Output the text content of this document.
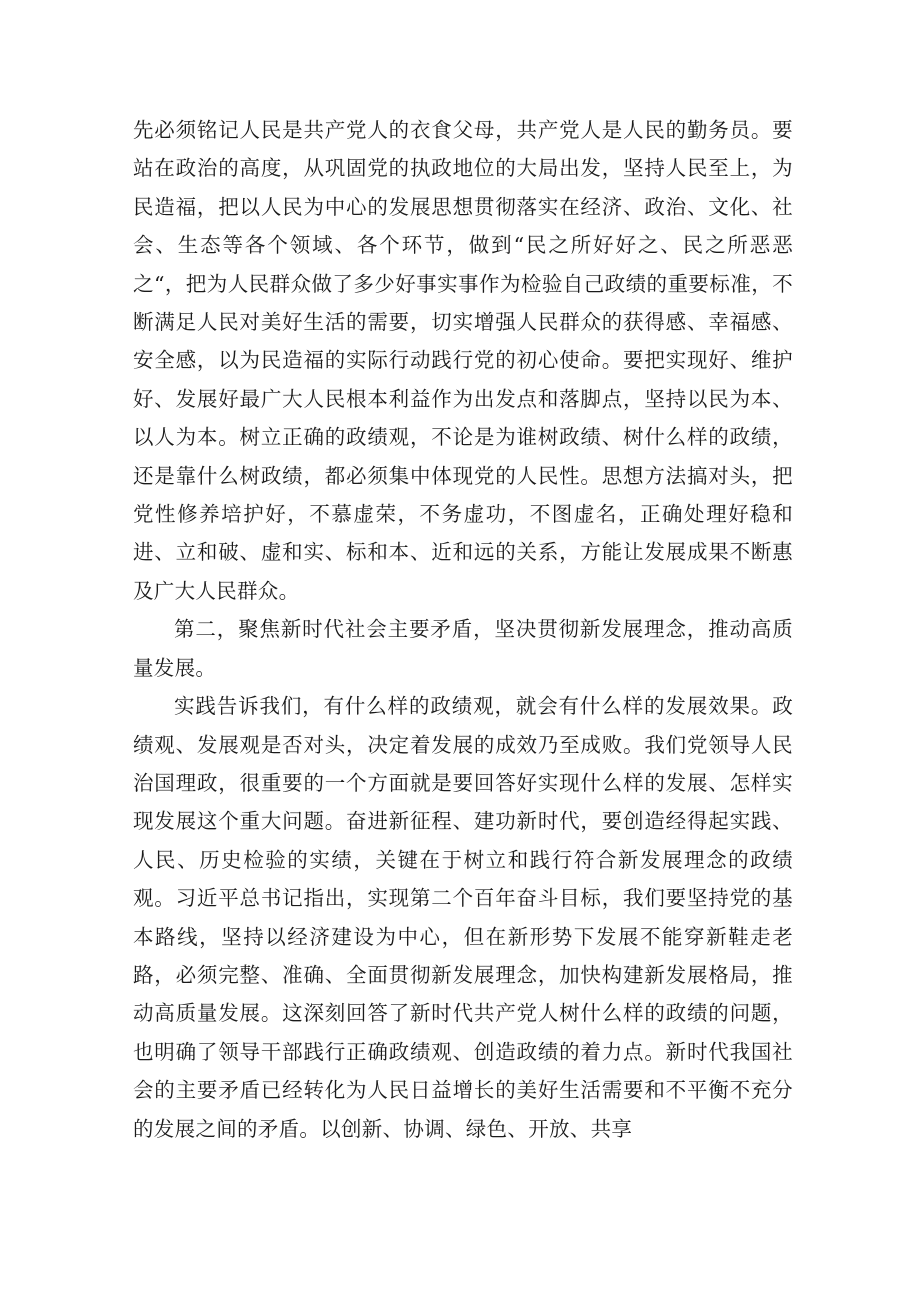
先必须铭记人民是共产党人的衣食父母，共产党人是人民的勤务员。要站在政治的高度，从巩固党的执政地位的大局出发，坚持人民至上，为民造福，把以人民为中心的发展思想贯彻落实在经济、政治、文化、社会、生态等各个领域、各个环节，做到“民之所好好之、民之所恶恶之“，把为人民群众做了多少好事实事作为检验自己政绩的重要标准，不断满足人民对美好生活的需要，切实增强人民群众的获得感、幸福感、安全感，以为民造福的实际行动践行党的初心使命。要把实现好、维护好、发展好最广大人民根本利益作为出发点和落脚点，坚持以民为本、以人为本。树立正确的政绩观，不论是为谁树政绩、树什么样的政绩，还是靠什么树政绩，都必须集中体现党的人民性。思想方法搞对头，把党性修养培护好，不慕虚荣，不务虚功，不图虚名，正确处理好稳和进、立和破、虚和实、标和本、近和远的关系，方能让发展成果不断惠及广大人民群众。

第二，聚焦新时代社会主要矛盾，坚决贯彻新发展理念，推动高质量发展。

实践告诉我们，有什么样的政绩观，就会有什么样的发展效果。政绩观、发展观是否对头，决定着发展的成效乃至成败。我们党领导人民治国理政，很重要的一个方面就是要回答好实现什么样的发展、怎样实现发展这个重大问题。奋进新征程、建功新时代，要创造经得起实践、人民、历史检验的实绩，关键在于树立和践行符合新发展理念的政绩观。习近平总书记指出，实现第二个百年奋斗目标，我们要坚持党的基本路线，坚持以经济建设为中心，但在新形势下发展不能穿新鞋走老路，必须完整、准确、全面贯彻新发展理念，加快构建新发展格局，推动高质量发展。这深刻回答了新时代共产党人树什么样的政绩的问题，也明确了领导干部践行正确政绩观、创造政绩的着力点。新时代我国社会的主要矛盾已经转化为人民日益增长的美好生活需要和不平衡不充分的发展之间的矛盾。以创新、协调、绿色、开放、共享
